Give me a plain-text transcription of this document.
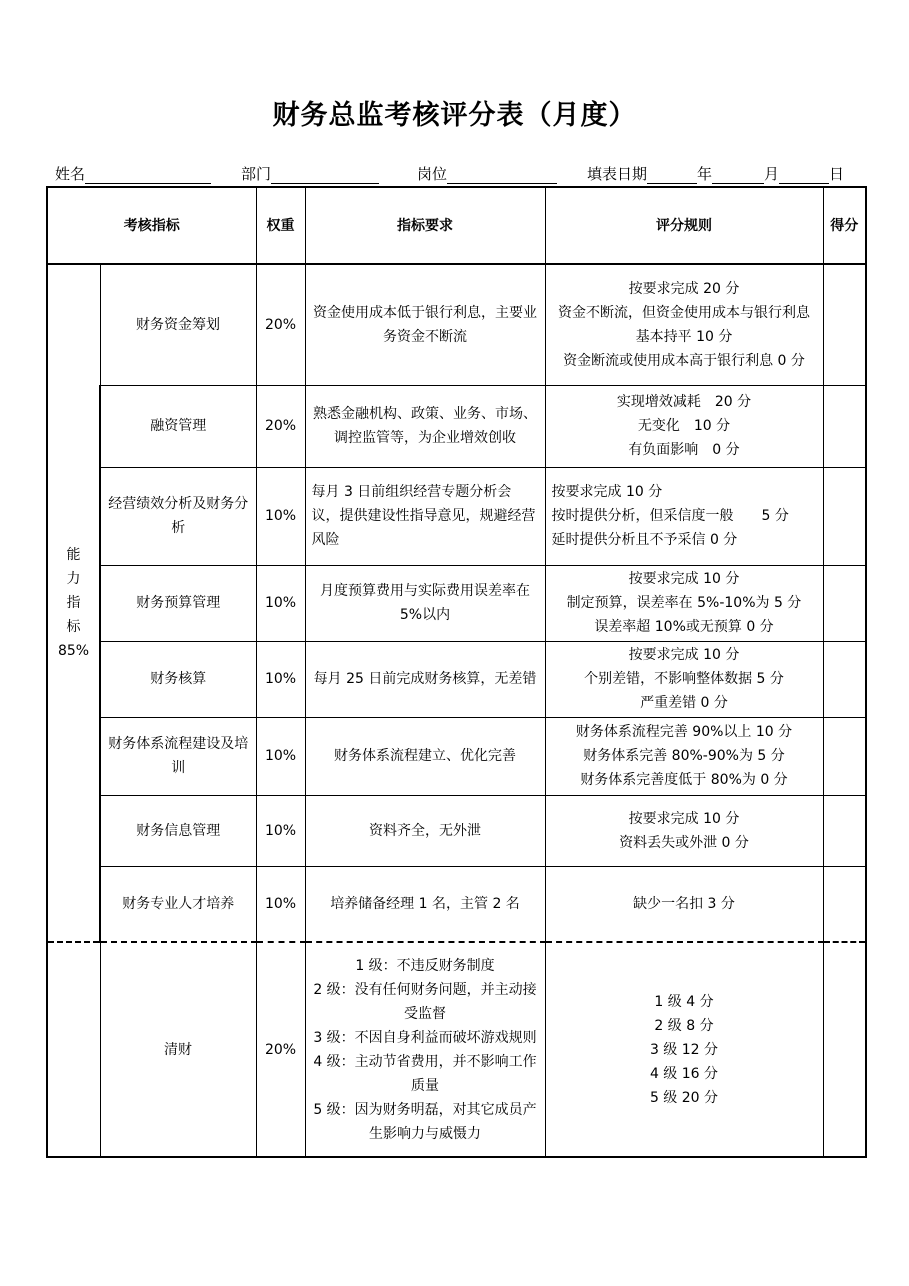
财务总监考核评分表（月度）
姓名	部门	岗位	填表日期	年	月	日
考核指标		权重	指标要求	评分规则	得分

能力指标
85%	财务资金筹划	20%	资金使用成本低于银行利息，主要业务资金不断流	按要求完成 20 分
资金不断流，但资金使用成本与银行利息基本持平 10 分
资金断流或使用成本高于银行利息 0 分	

	融资管理	20%	熟悉金融机构、政策、业务、市场、调控监管等，为企业增效创收	实现增效减耗　20 分
无变化　10 分
有负面影响　0 分	

	经营绩效分析及财务分析	10%	每月 3 日前组织经营专题分析会议，提供建设性指导意见，规避经营风险	按要求完成 10 分
按时提供分析，但采信度一般　　5 分
延时提供分析且不予采信 0 分	

	财务预算管理	10%	月度预算费用与实际费用误差率在 5%以内	按要求完成 10 分
制定预算，误差率在 5%-10%为 5 分
误差率超 10%或无预算 0 分	

	财务核算	10%	每月 25 日前完成财务核算，无差错	按要求完成 10 分
个别差错，不影响整体数据 5 分
严重差错 0 分	

	财务体系流程建设及培训	10%	财务体系流程建立、优化完善	财务体系流程完善 90%以上 10 分
财务体系完善 80%-90%为 5 分
财务体系完善度低于 80%为 0 分	

	财务信息管理	10%	资料齐全，无外泄	按要求完成 10 分
资料丢失或外泄 0 分	

	财务专业人才培养	10%	培养储备经理 1 名，主管 2 名	缺少一名扣 3 分	

	清财	20%	1 级：不违反财务制度
2 级：没有任何财务问题，并主动接受监督
3 级：不因自身利益而破坏游戏规则
4 级：主动节省费用，并不影响工作质量
5 级：因为财务明磊，对其它成员产生影响力与威慑力	1 级 4 分
2 级 8 分
3 级 12 分
4 级 16 分
5 级 20 分	
